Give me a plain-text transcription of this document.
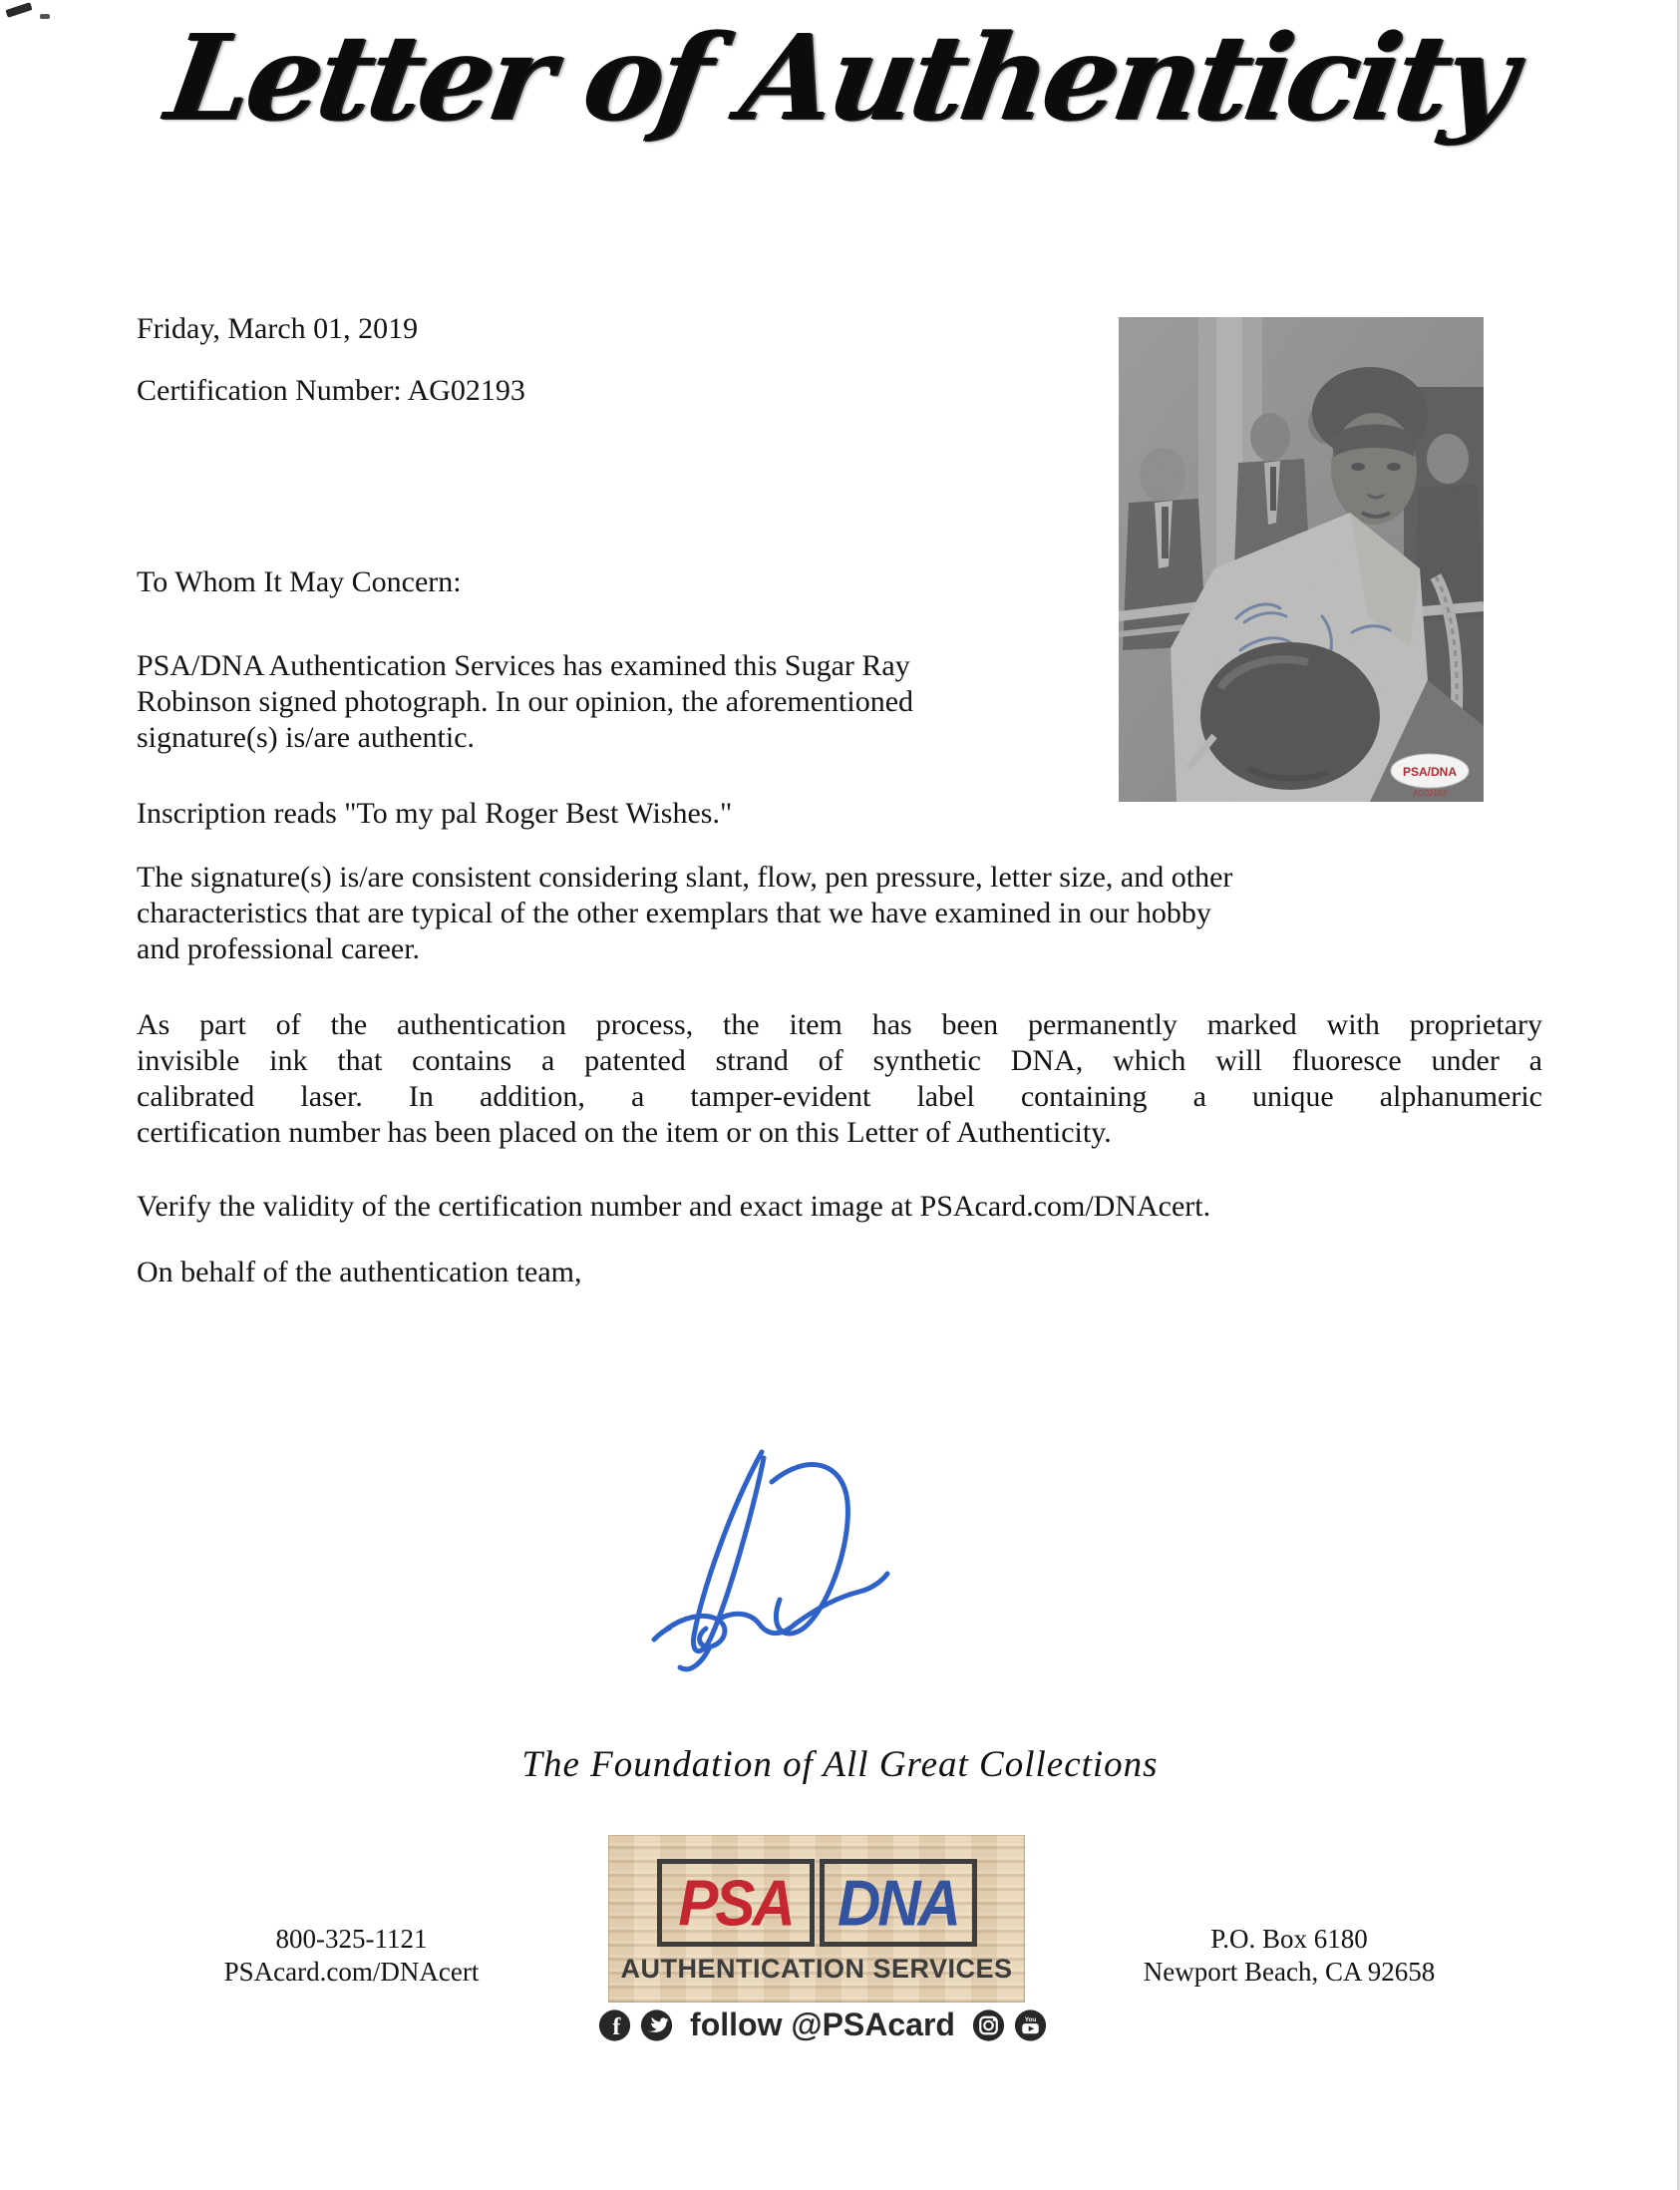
Letter of Authenticity
Friday, March 01, 2019
Certification Number: AG02193
To Whom It May Concern:
PSA/DNA Authentication Services has examined this Sugar Ray
Robinson signed photograph. In our opinion, the aforementioned
signature(s) is/are authentic.
Inscription reads "To my pal Roger Best Wishes."
The signature(s) is/are consistent considering slant, flow, pen pressure, letter size, and other
characteristics that are typical of the other exemplars that we have examined in our hobby
and professional career.
As part of the authentication process, the item has been permanently marked with proprietary
invisible ink that contains a patented strand of synthetic DNA, which will fluoresce under a
calibrated laser. In addition, a tamper-evident label containing a unique alphanumeric
certification number has been placed on the item or on this Letter of Authenticity.
Verify the validity of the certification number and exact image at PSAcard.com/DNAcert.
On behalf of the authentication team,
PSA/DNA
AG02193
The Foundation of All Great Collections
PSA DNA
AUTHENTICATION SERVICES
f follow @PSAcard	You
800-325-1121
PSAcard.com/DNAcert
P.O. Box 6180
Newport Beach, CA 92658
